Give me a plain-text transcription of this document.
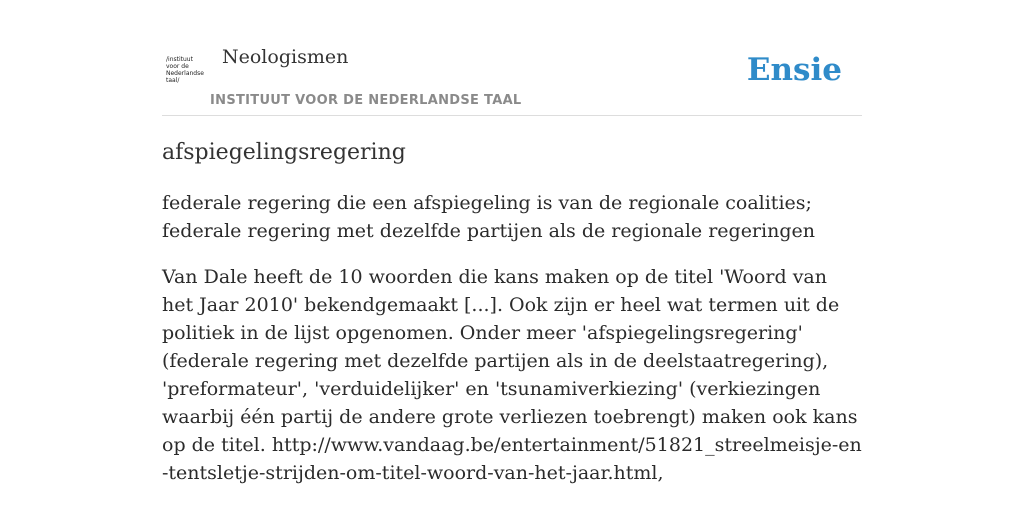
/instituut
voor de
Nederlandse
taal/
Neologismen
INSTITUUT VOOR DE NEDERLANDSE TAAL
Ensie
afspiegelingsregering
federale regering die een afspiegeling is van de regionale coalities; federale regering met dezelfde partijen als de regionale regeringen
Van Dale heeft de 10 woorden die kans maken op de titel 'Woord van het Jaar 2010' bekendgemaakt [...]. Ook zijn er heel wat termen uit de politiek in de lijst opgenomen. Onder meer 'afspiegelingsregering' (federale regering met dezelfde partijen als in de deelstaatregering), 'preformateur', 'verduidelijker' en 'tsunamiverkiezing' (verkiezingen waarbij één partij de andere grote verliezen toebrengt) maken ook kans op de titel. http://www.vandaag.be/entertainment/51821_streelmeisje-en-tentsletje-strijden-om-titel-woord-van-het-jaar.html,
